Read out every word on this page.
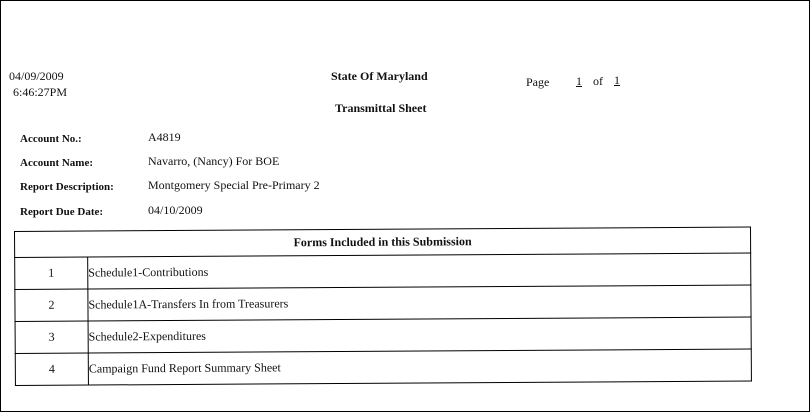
04/09/2009
6:46:27PM
State Of Maryland
Transmittal Sheet
Page 1 of 1
Account No.:	A4819
Account Name:	Navarro, (Nancy) For BOE
Report Description:	Montgomery Special Pre-Primary 2
Report Due Date:	04/10/2009
Forms Included in this Submission	
1	Schedule1-Contributions
2	Schedule1A-Transfers In from Treasurers
3	Schedule2-Expenditures
4	Campaign Fund Report Summary Sheet
